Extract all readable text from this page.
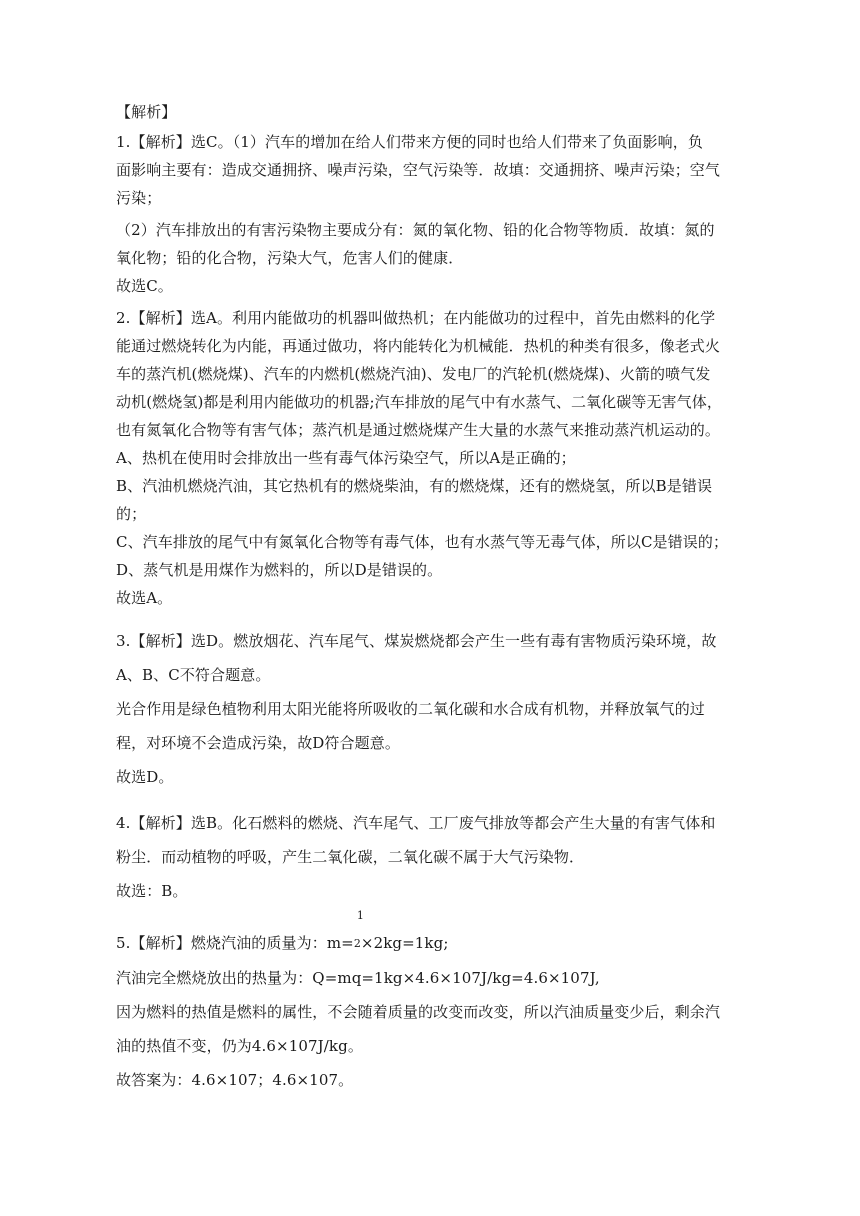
【解析】

1.【解析】选C。（1）汽车的增加在给人们带来方便的同时也给人们带来了负面影响，负
面影响主要有：造成交通拥挤、噪声污染，空气污染等．故填：交通拥挤、噪声污染；空气
污染；
（2）汽车排放出的有害污染物主要成分有：氮的氧化物、铅的化合物等物质．故填：氮的
氧化物；铅的化合物，污染大气，危害人们的健康．
故选C。
2.【解析】选A。利用内能做功的机器叫做热机；在内能做功的过程中，首先由燃料的化学
能通过燃烧转化为内能，再通过做功，将内能转化为机械能．热机的种类有很多，像老式火
车的蒸汽机(燃烧煤)、汽车的内燃机(燃烧汽油)、发电厂的汽轮机(燃烧煤)、火箭的喷气发
动机(燃烧氢)都是利用内能做功的机器;汽车排放的尾气中有水蒸气、二氧化碳等无害气体，
也有氮氧化合物等有害气体；蒸汽机是通过燃烧煤产生大量的水蒸气来推动蒸汽机运动的。
A、热机在使用时会排放出一些有毒气体污染空气，所以A是正确的；
B、汽油机燃烧汽油，其它热机有的燃烧柴油，有的燃烧煤，还有的燃烧氢，所以B是错误
的；
C、汽车排放的尾气中有氮氧化合物等有毒气体，也有水蒸气等无毒气体，所以C是错误的；
D、蒸气机是用煤作为燃料的，所以D是错误的。
故选A。
3.【解析】选D。燃放烟花、汽车尾气、煤炭燃烧都会产生一些有毒有害物质污染环境，故
A、B、C不符合题意。
光合作用是绿色植物利用太阳光能将所吸收的二氧化碳和水合成有机物，并释放氧气的过
程，对环境不会造成污染，故D符合题意。
故选D。
4.【解析】选B。化石燃料的燃烧、汽车尾气、工厂废气排放等都会产生大量的有害气体和
粉尘．而动植物的呼吸，产生二氧化碳，二氧化碳不属于大气污染物．
故选：B。
5.【解析】燃烧汽油的质量为：m=
1
2×2kg=1kg;
汽油完全燃烧放出的热量为：Q=mq=1kg×4.6×107J/kg=4.6×107J,
因为燃料的热值是燃料的属性，不会随着质量的改变而改变，所以汽油质量变少后，剩余汽
油的热值不变，仍为4.6×107J/kg。
故答案为：4.6×107；4.6×107。
